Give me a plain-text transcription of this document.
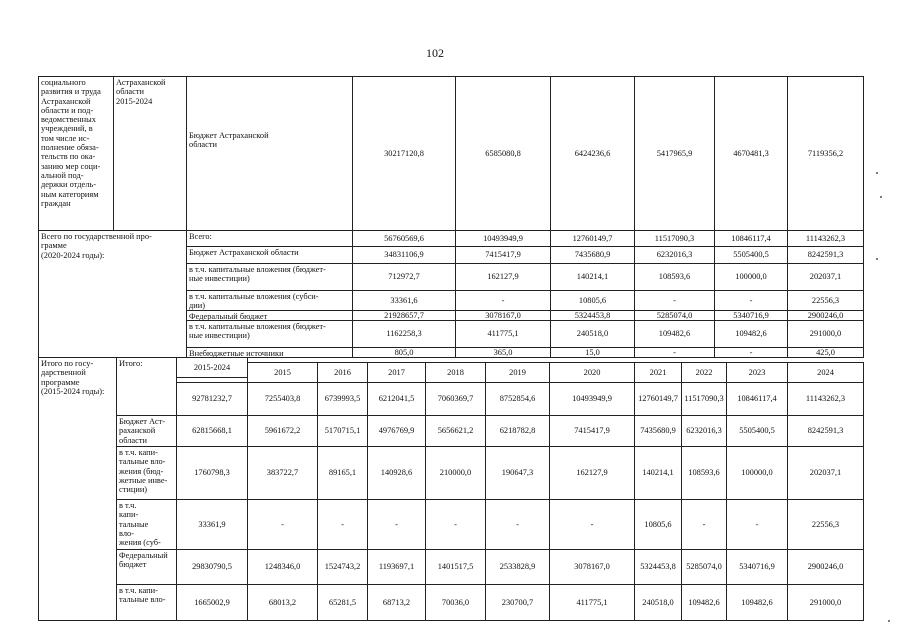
102
социального
развития и труда
Астраханской
области и под-
ведомственных
учреждений, в
том числе ис-
полнение обяза-
тельств по ока-
занию мер соци-
альной под-
держки отдель-
ным категориям
граждан
Астраханской
области
2015-2024
Бюджет Астраханской
области
30217120,8	6585080,8	6424236,6	5417965,9	4670481,3	7119356,2
Всего по государственной про-
грамме
(2020-2024 годы):
Всего:	56760569,6	10493949,9	12760149,7	11517090,3	10846117,4	11143262,3
Бюджет Астраханской области	34831106,9	7415417,9	7435680,9	6232016,3	5505400,5	8242591,3
в т.ч. капитальные вложения (бюджет-
ные инвестиции)	712972,7	162127,9	140214,1	108593,6	100000,0	202037,1
в т.ч. капитальные вложения (субси-
дии)
33361,6	-	10805,6	-	-	22556,3
Федеральный бюджет	21928657,7	3078167,0	5324453,8	5285074,0	5340716,9	2900246,0
в т.ч. капитальные вложения (бюджет-
ные инвестиции)	1162258,3	411775,1	240518,0	109482,6	109482,6	291000,0
Внебюджетные источники	805,0	365,0	15,0	-	-	425,0
Итого по госу-
дарственной
программе
(2015-2024 годы):
Итого:	2015-2024
2015	2016	2017	2018	2019	2020	2021	2022	2023	2024
92781232,7	7255403,8	6739993,5	6212041,5	7060369,7	8752854,6	10493949,9	12760149,7 11517090,3	10846117,4	11143262,3
Бюджет Аст-
раханской
области
62815668,1	5961672,2	5170715,1	4976769,9	5656621,2	6218782,8	7415417,9	7435680,9	6232016,3	5505400,5	8242591,3
в т.ч. капи-
тальные вло-
жения (бюд-
жетные инве-
стиции)
1760798,3	383722,7	89165,1	140928,6	210000,0	190647,3	162127,9	140214,1	108593,6	100000,0	202037,1
в т.ч.
капи-
тальные
вло-
жения (суб-

33361,9	-	-	-	-	-	-	10805,6	-	-	22556,3
Федеральный
бюджет	29830790,5	1248346,0	1524743,2	1193697,1	1401517,5	2533828,9	3078167,0	5324453,8	5285074,0	5340716,9	2900246,0
в т.ч. капи-
тальные вло-	1665002,9	68013,2	65281,5	68713,2	70036,0	230700,7	411775,1	240518,0	109482,6	109482,6	291000,0
